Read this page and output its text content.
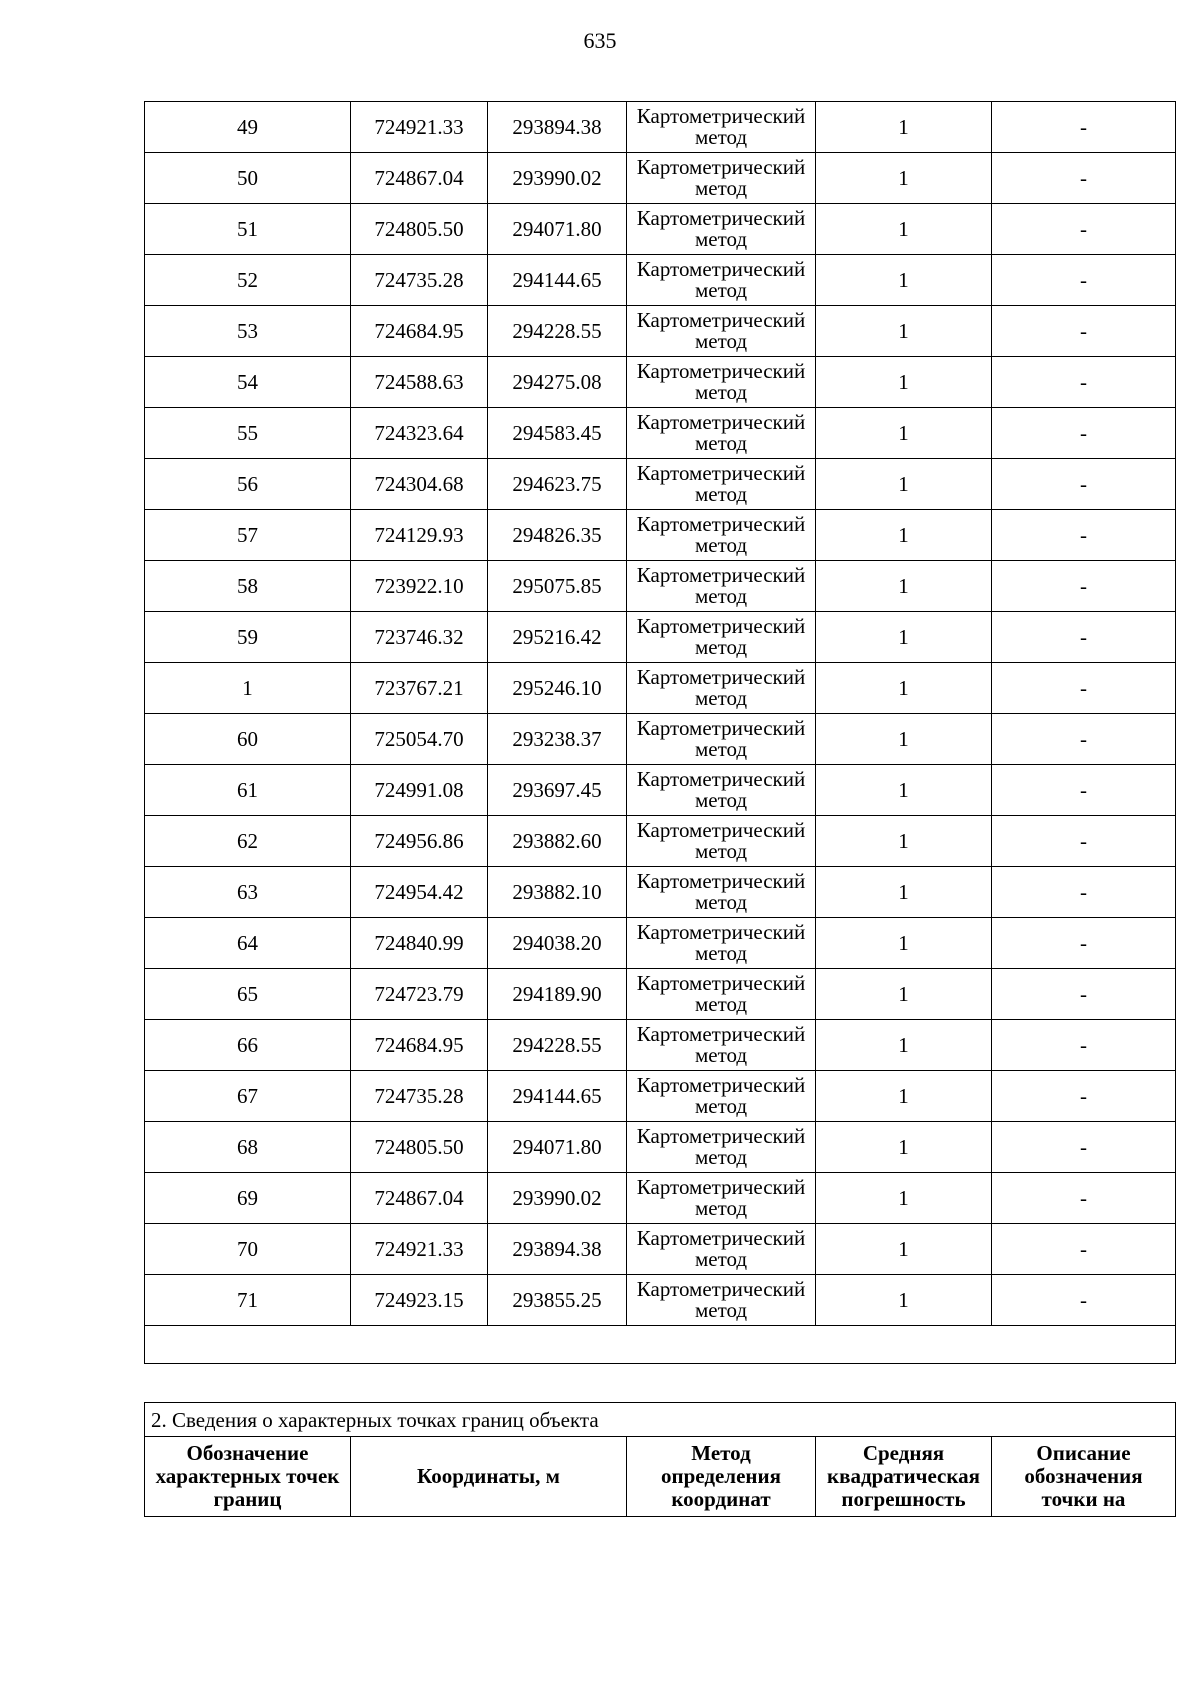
635
49	724921.33	293894.38	Картометрический
метод	1	-
50	724867.04	293990.02	Картометрический
метод	1	-
51	724805.50	294071.80	Картометрический
метод	1	-
52	724735.28	294144.65	Картометрический
метод	1	-
53	724684.95	294228.55	Картометрический
метод	1	-
54	724588.63	294275.08	Картометрический
метод	1	-
55	724323.64	294583.45	Картометрический
метод	1	-
56	724304.68	294623.75	Картометрический
метод	1	-
57	724129.93	294826.35	Картометрический
метод	1	-
58	723922.10	295075.85	Картометрический
метод	1	-
59	723746.32	295216.42	Картометрический
метод	1	-
1	723767.21	295246.10	Картометрический
метод	1	-
60	725054.70	293238.37	Картометрический
метод	1	-
61	724991.08	293697.45	Картометрический
метод	1	-
62	724956.86	293882.60	Картометрический
метод	1	-
63	724954.42	293882.10	Картометрический
метод	1	-
64	724840.99	294038.20	Картометрический
метод	1	-
65	724723.79	294189.90	Картометрический
метод	1	-
66	724684.95	294228.55	Картометрический
метод	1	-
67	724735.28	294144.65	Картометрический
метод	1	-
68	724805.50	294071.80	Картометрический
метод	1	-
69	724867.04	293990.02	Картометрический
метод	1	-
70	724921.33	293894.38	Картометрический
метод	1	-
71	724923.15	293855.25	Картометрический
метод	1	-

2. Сведения о характерных точках границ объекта

Обозначение
характерных точек
границ
	Координаты, м	
Метод
определения
координат

Средняя
квадратическая
погрешность

Описание
обозначения
точки на
